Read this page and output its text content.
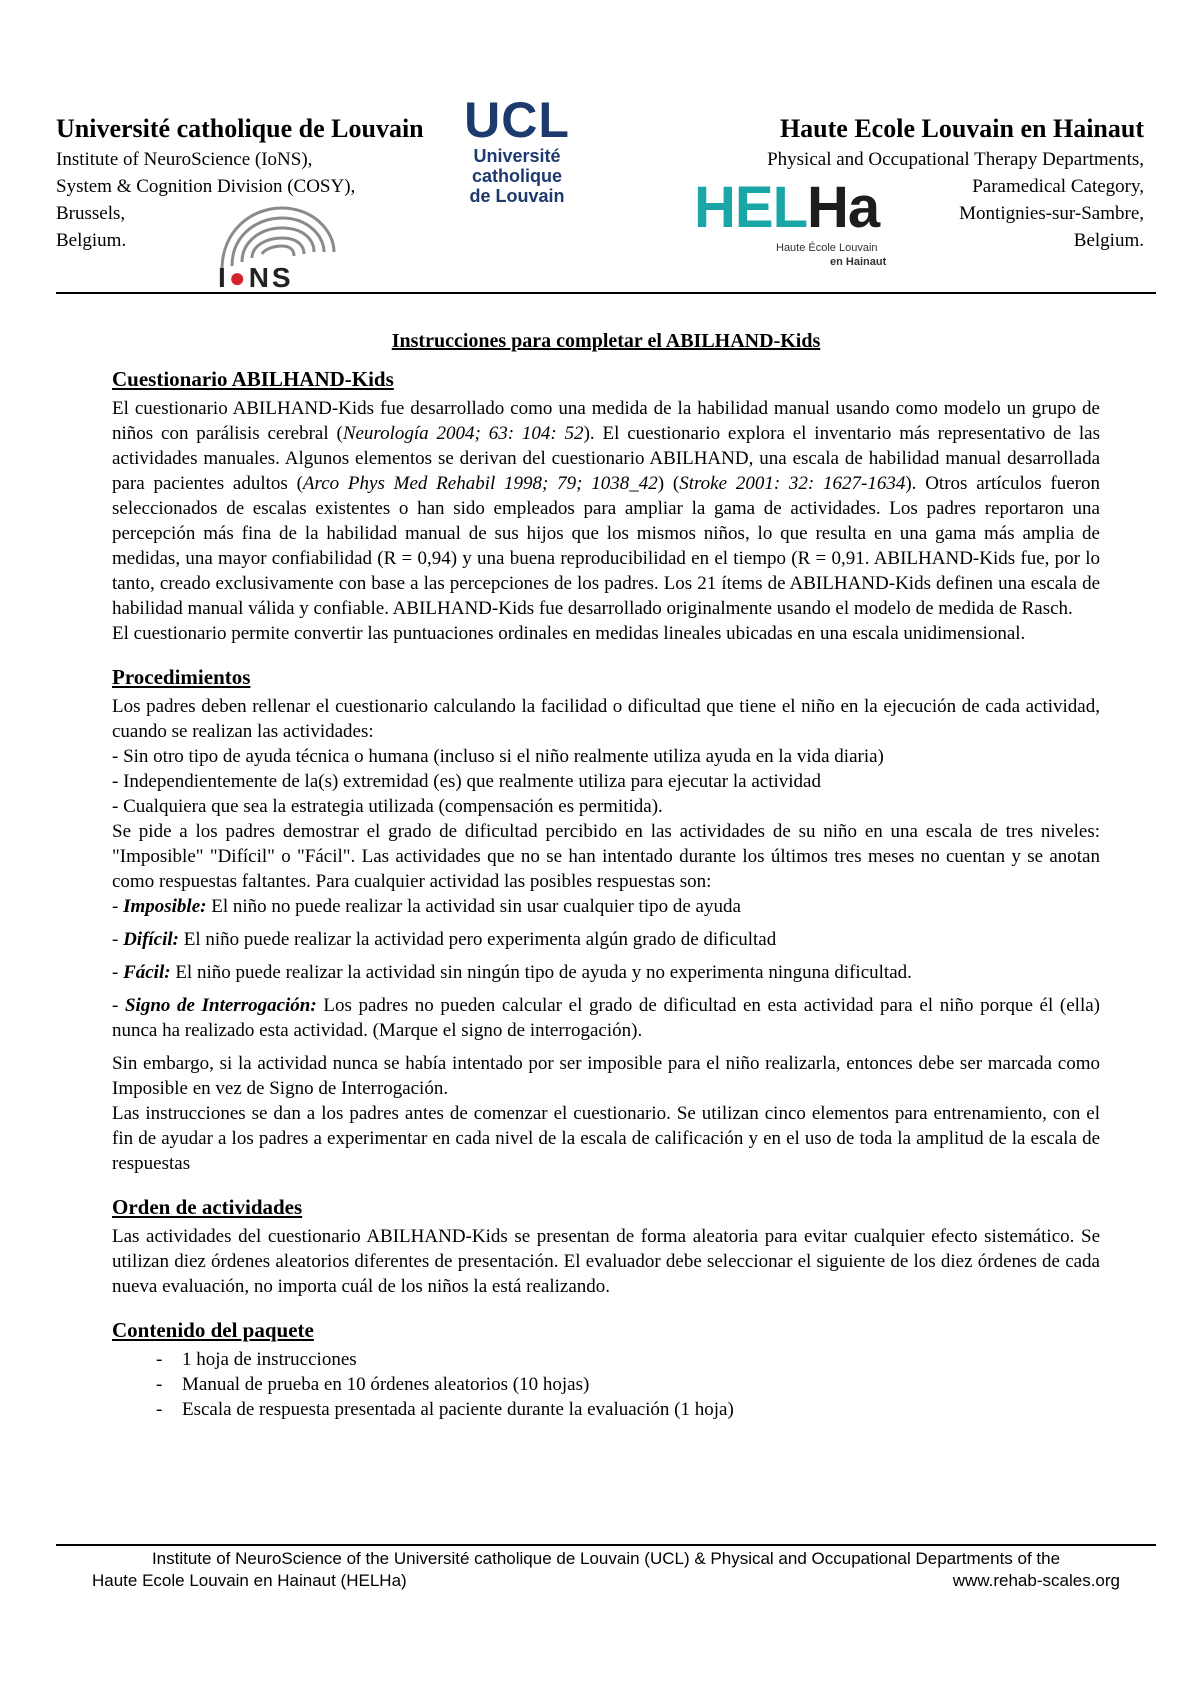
Université catholique de Louvain
Institute of NeuroScience (IoNS),
System & Cognition Division (COSY),
Brussels,
Belgium.
UCL
Université
catholique
de Louvain
I●NS
HELHa
Haute École Louvain
en Hainaut
Haute Ecole Louvain en Hainaut
Physical and Occupational Therapy Departments,
Paramedical Category,
Montignies-sur-Sambre,
Belgium.
Instrucciones para completar el ABILHAND-Kids
Cuestionario ABILHAND-Kids

El cuestionario ABILHAND-Kids fue desarrollado como una medida de la habilidad manual usando como modelo un grupo de niños con parálisis cerebral (Neurología 2004; 63: 104: 52). El cuestionario explora el inventario más representativo de las actividades manuales. Algunos elementos se derivan del cuestionario ABILHAND, una escala de habilidad manual desarrollada para pacientes adultos (Arco Phys Med Rehabil 1998; 79; 1038_42) (Stroke 2001: 32: 1627-1634). Otros artículos fueron seleccionados de escalas existentes o han sido empleados para ampliar la gama de actividades. Los padres reportaron una percepción más fina de la habilidad manual de sus hijos que los mismos niños, lo que resulta en una gama más amplia de medidas, una mayor confiabilidad (R = 0,94) y una buena reproducibilidad en el tiempo (R = 0,91. ABILHAND-Kids fue, por lo tanto, creado exclusivamente con base a las percepciones de los padres. Los 21 ítems de ABILHAND-Kids definen una escala de habilidad manual válida y confiable. ABILHAND-Kids fue desarrollado originalmente usando el modelo de medida de Rasch.

El cuestionario permite convertir las puntuaciones ordinales en medidas lineales ubicadas en una escala unidimensional.

Procedimientos

Los padres deben rellenar el cuestionario calculando la facilidad o dificultad que tiene el niño en la ejecución de cada actividad, cuando se realizan las actividades:

- Sin otro tipo de ayuda técnica o humana (incluso si el niño realmente utiliza ayuda en la vida diaria)
- Independientemente de la(s) extremidad (es) que realmente utiliza para ejecutar la actividad
- Cualquiera que sea la estrategia utilizada (compensación es permitida).

Se pide a los padres demostrar el grado de dificultad percibido en las actividades de su niño en una escala de tres niveles: "Imposible" "Difícil" o "Fácil". Las actividades que no se han intentado durante los últimos tres meses no cuentan y se anotan como respuestas faltantes. Para cualquier actividad las posibles respuestas son:

- Imposible: El niño no puede realizar la actividad sin usar cualquier tipo de ayuda
- Difícil: El niño puede realizar la actividad pero experimenta algún grado de dificultad
- Fácil: El niño puede realizar la actividad sin ningún tipo de ayuda y no experimenta ninguna dificultad.

- Signo de Interrogación: Los padres no pueden calcular el grado de dificultad en esta actividad para el niño porque él (ella) nunca ha realizado esta actividad. (Marque el signo de interrogación).

Sin embargo, si la actividad nunca se había intentado por ser imposible para el niño realizarla, entonces debe ser marcada como Imposible en vez de Signo de Interrogación.

Las instrucciones se dan a los padres antes de comenzar el cuestionario. Se utilizan cinco elementos para entrenamiento, con el fin de ayudar a los padres a experimentar en cada nivel de la escala de calificación y en el uso de toda la amplitud de la escala de respuestas

Orden de actividades

Las actividades del cuestionario ABILHAND-Kids se presentan de forma aleatoria para evitar cualquier efecto sistemático. Se utilizan diez órdenes aleatorios diferentes de presentación. El evaluador debe seleccionar el siguiente de los diez órdenes de cada nueva evaluación, no importa cuál de los niños la está realizando.

Contenido del paquete
- 1 hoja de instrucciones
- Manual de prueba en 10 órdenes aleatorios (10 hojas)
- Escala de respuesta presentada al paciente durante la evaluación (1 hoja)
Institute of NeuroScience of the Université catholique de Louvain (UCL) & Physical and Occupational Departments of the
Haute Ecole Louvain en Hainaut (HELHa)	www.rehab-scales.org
